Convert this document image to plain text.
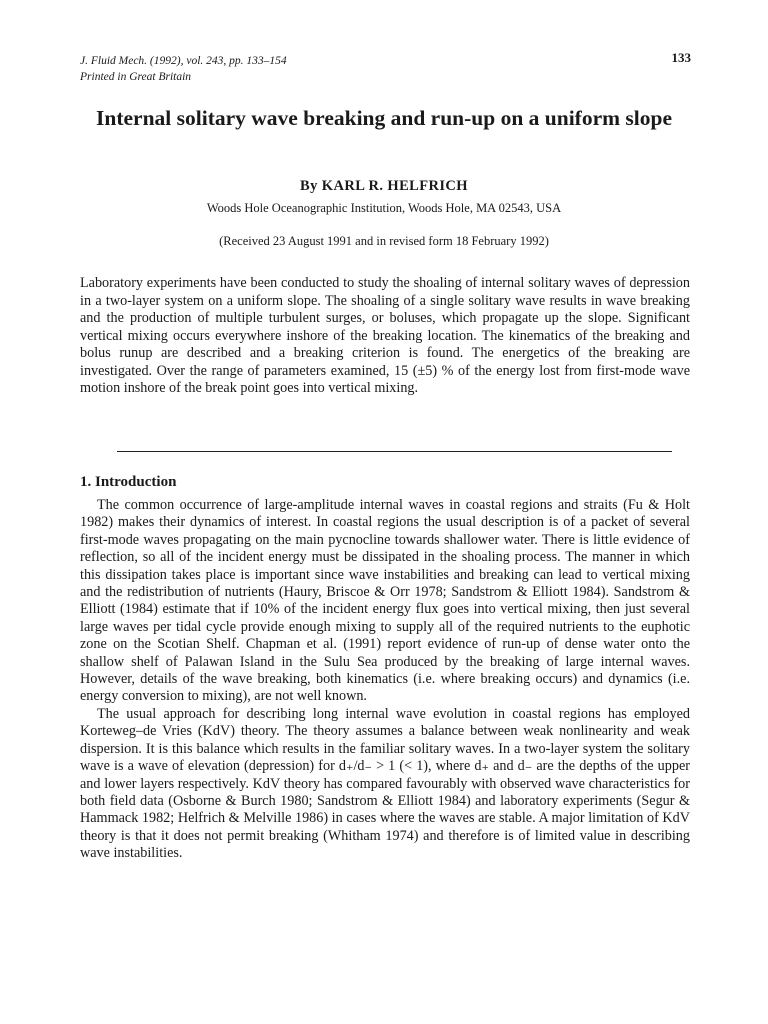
J. Fluid Mech. (1992), vol. 243, pp. 133–154
Printed in Great Britain
133
Internal solitary wave breaking and run-up on a uniform slope
By KARL R. HELFRICH
Woods Hole Oceanographic Institution, Woods Hole, MA 02543, USA
(Received 23 August 1991 and in revised form 18 February 1992)

Laboratory experiments have been conducted to study the shoaling of internal solitary waves of depression in a two-layer system on a uniform slope. The shoaling of a single solitary wave results in wave breaking and the production of multiple turbulent surges, or boluses, which propagate up the slope. Significant vertical mixing occurs everywhere inshore of the breaking location. The kinematics of the breaking and bolus runup are described and a breaking criterion is found. The energetics of the breaking are investigated. Over the range of parameters examined, 15 (±5) % of the energy lost from first-mode wave motion inshore of the break point goes into vertical mixing.

1. Introduction

The common occurrence of large-amplitude internal waves in coastal regions and straits (Fu & Holt 1982) makes their dynamics of interest. In coastal regions the usual description is of a packet of several first-mode waves propagating on the main pycnocline towards shallower water. There is little evidence of reflection, so all of the incident energy must be dissipated in the shoaling process. The manner in which this dissipation takes place is important since wave instabilities and breaking can lead to vertical mixing and the redistribution of nutrients (Haury, Briscoe & Orr 1978; Sandstrom & Elliott 1984). Sandstrom & Elliott (1984) estimate that if 10% of the incident energy flux goes into vertical mixing, then just several large waves per tidal cycle provide enough mixing to supply all of the required nutrients to the euphotic zone on the Scotian Shelf. Chapman et al. (1991) report evidence of run-up of dense water onto the shallow shelf of Palawan Island in the Sulu Sea produced by the breaking of large internal waves. However, details of the wave breaking, both kinematics (i.e. where breaking occurs) and dynamics (i.e. energy conversion to mixing), are not well known.

The usual approach for describing long internal wave evolution in coastal regions has employed Korteweg–de Vries (KdV) theory. The theory assumes a balance between weak nonlinearity and weak dispersion. It is this balance which results in the familiar solitary waves. In a two-layer system the solitary wave is a wave of elevation (depression) for d₊/d₋ > 1 (< 1), where d₊ and d₋ are the depths of the upper and lower layers respectively. KdV theory has compared favourably with observed wave characteristics for both field data (Osborne & Burch 1980; Sandstrom & Elliott 1984) and laboratory experiments (Segur & Hammack 1982; Helfrich & Melville 1986) in cases where the waves are stable. A major limitation of KdV theory is that it does not permit breaking (Whitham 1974) and therefore is of limited value in describing wave instabilities.
